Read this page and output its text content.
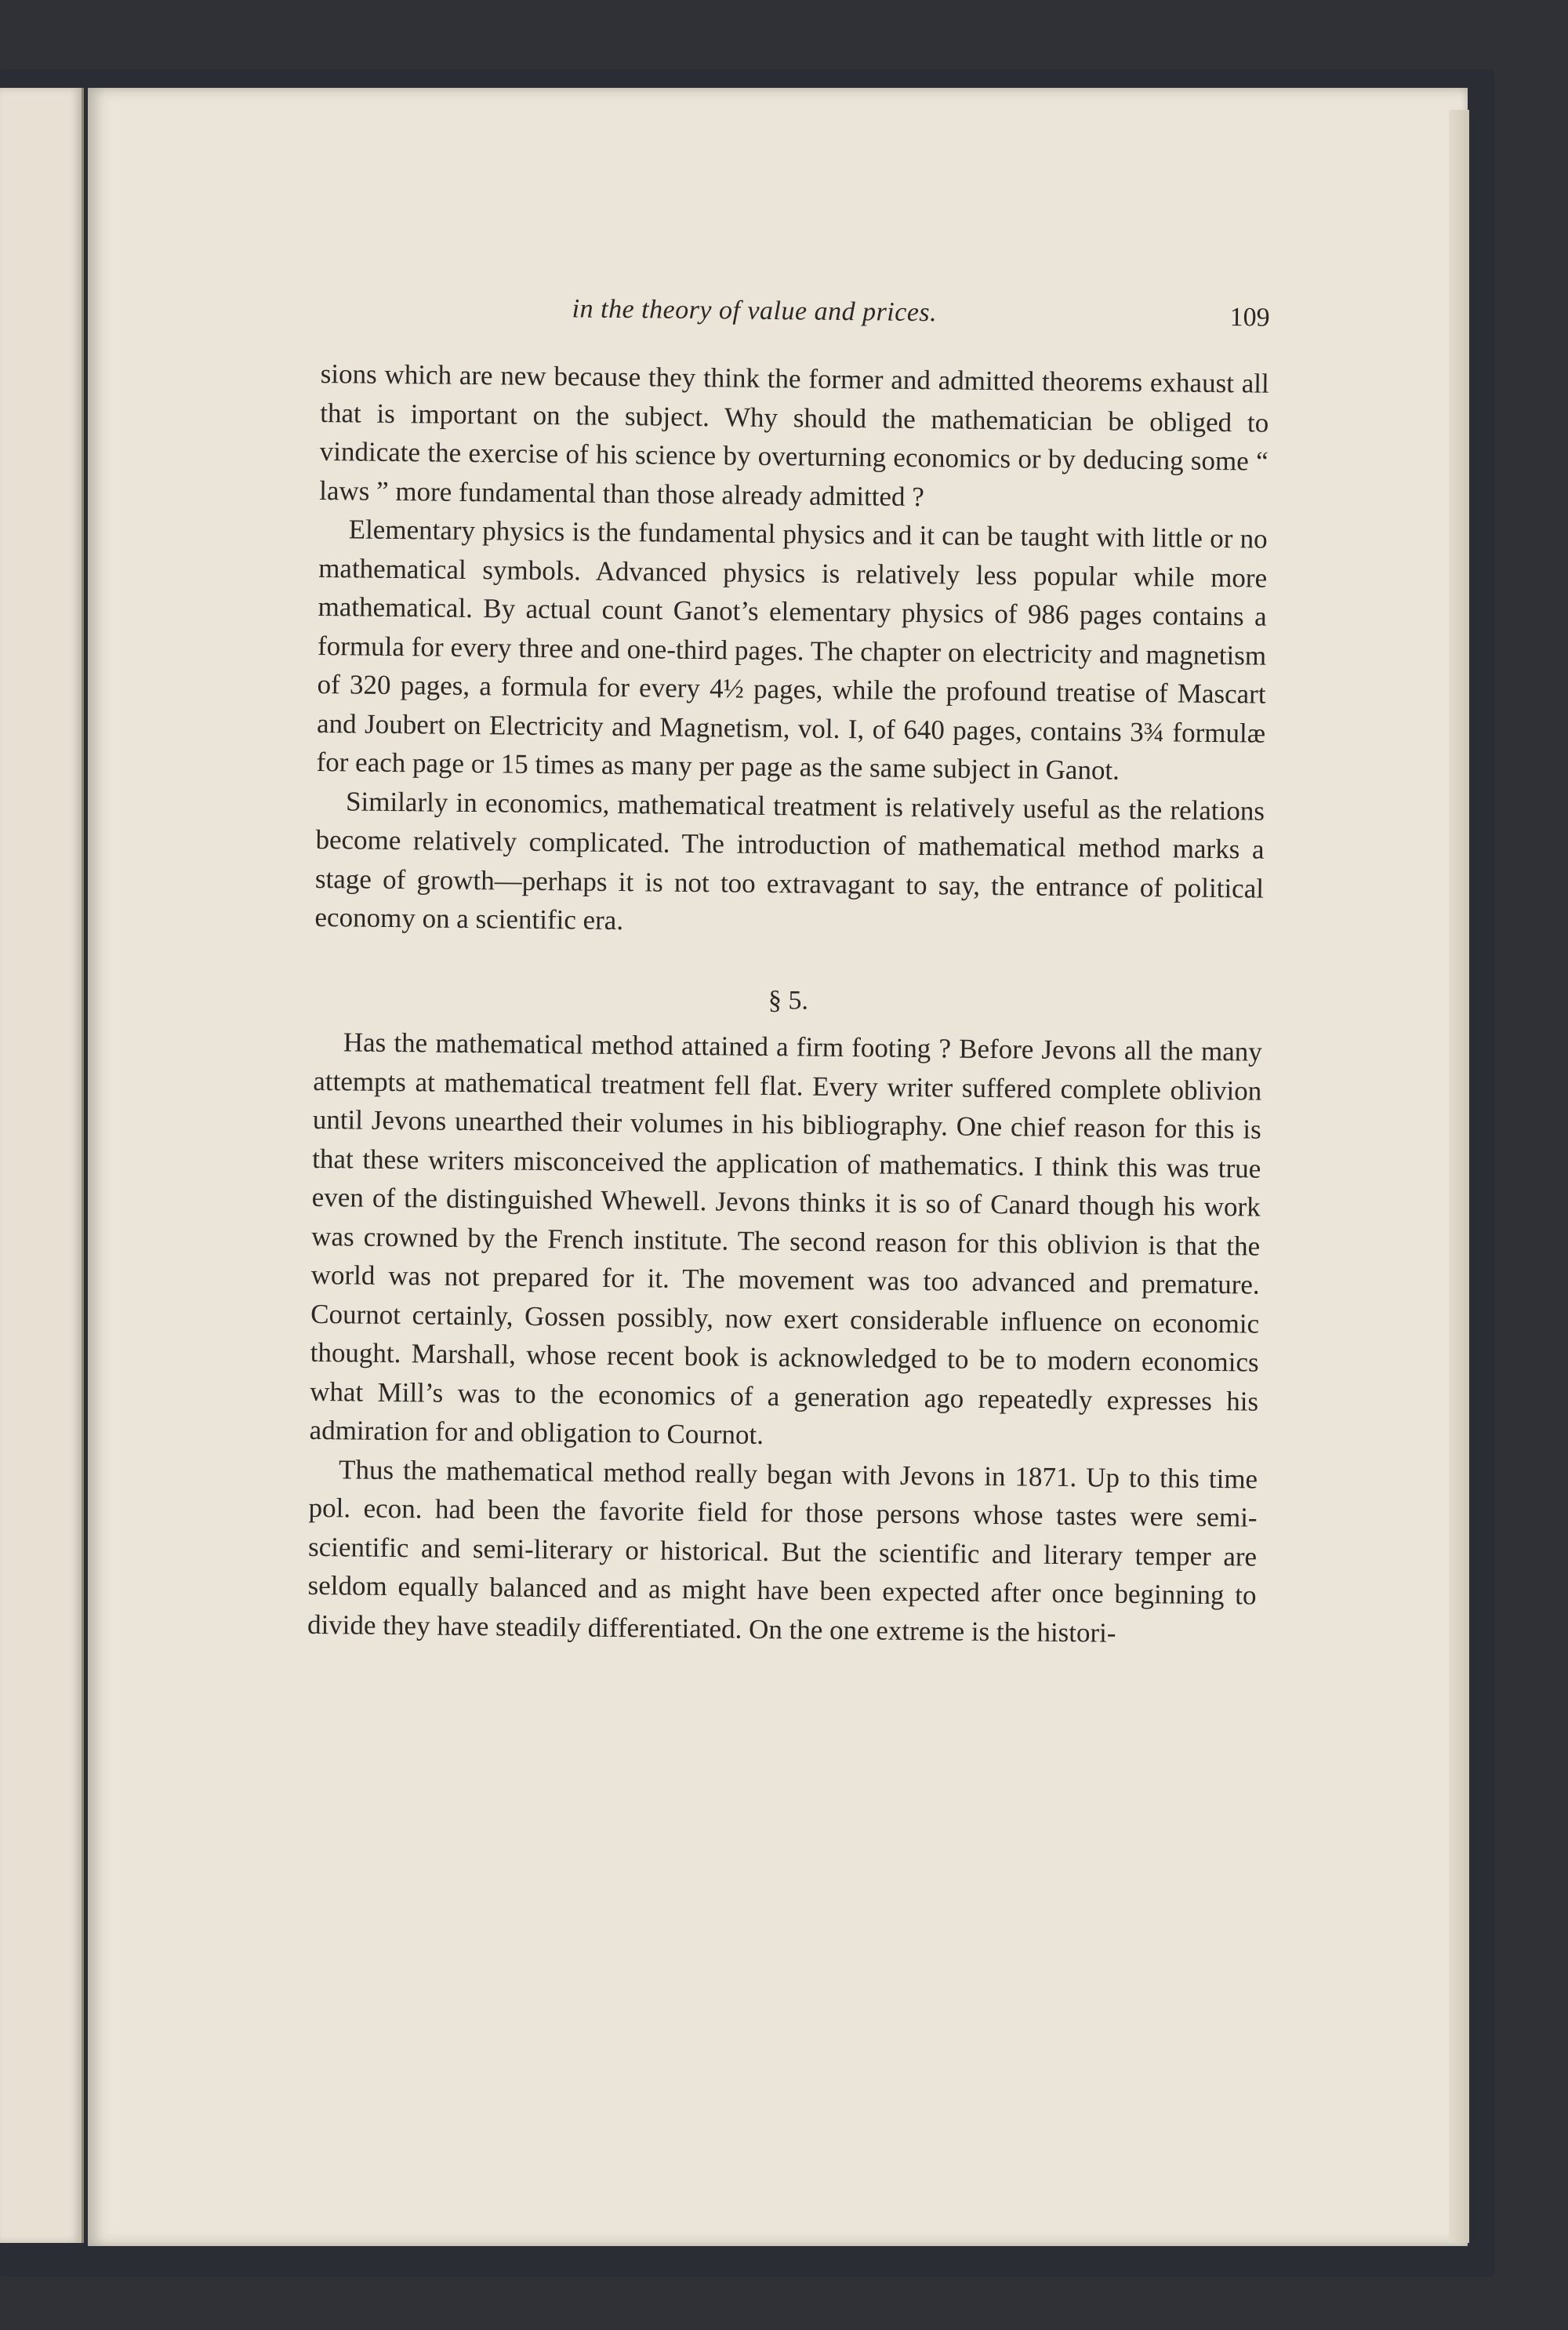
in the theory of value and prices.	109

sions which are new because they think the former and admitted theorems exhaust all that is important on the subject. Why should the mathematician be obliged to vindicate the exercise of his science by overturning economics or by deducing some “ laws ” more fundamental than those already admitted ?

Elementary physics is the fundamental physics and it can be taught with little or no mathematical symbols. Advanced physics is relatively less popular while more mathematical. By actual count Ganot’s elementary physics of 986 pages contains a formula for every three and one-third pages. The chapter on electricity and magnetism of 320 pages, a formula for every 4½ pages, while the profound treatise of Mascart and Joubert on Electricity and Magnetism, vol. I, of 640 pages, contains 3¾ formulæ for each page or 15 times as many per page as the same subject in Ganot.

Similarly in economics, mathematical treatment is relatively useful as the relations become relatively complicated. The introduction of mathematical method marks a stage of growth—perhaps it is not too extravagant to say, the entrance of political economy on a scientific era.

§ 5.

Has the mathematical method attained a firm footing ? Before Jevons all the many attempts at mathematical treatment fell flat. Every writer suffered complete oblivion until Jevons unearthed their volumes in his bibliography. One chief reason for this is that these writers misconceived the application of mathematics. I think this was true even of the distinguished Whewell. Jevons thinks it is so of Canard though his work was crowned by the French institute. The second reason for this oblivion is that the world was not prepared for it. The movement was too advanced and premature. Cournot certainly, Gossen possibly, now exert considerable influence on economic thought. Marshall, whose recent book is acknowledged to be to modern economics what Mill’s was to the economics of a generation ago repeatedly expresses his admiration for and obligation to Cournot.

Thus the mathematical method really began with Jevons in 1871. Up to this time pol. econ. had been the favorite field for those persons whose tastes were semi-scientific and semi-literary or historical. But the scientific and literary temper are seldom equally balanced and as might have been expected after once beginning to divide they have steadily differentiated. On the one extreme is the histori-
